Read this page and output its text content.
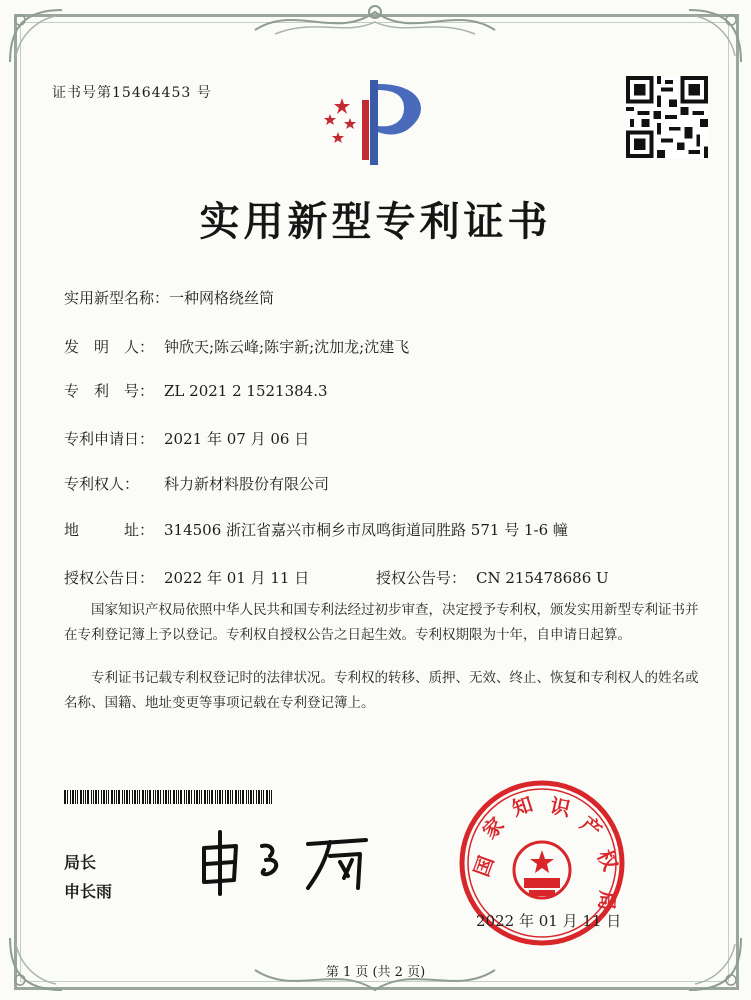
证书号第15464453 号
实用新型专利证书
实用新型名称：一种网格绕丝筒
发　明　人： 钟欣天;陈云峰;陈宇新;沈加龙;沈建飞
专　利　号： ZL 2021 2 1521384.3
专利申请日： 2021 年 07 月 06 日
专利权人： 科力新材料股份有限公司
地　　　址： 314506 浙江省嘉兴市桐乡市凤鸣街道同胜路 571 号 1-6 幢
授权公告日： 2022 年 01 月 11 日	授权公告号： CN 215478686 U
国家知识产权局依照中华人民共和国专利法经过初步审查，决定授予专利权，颁发实用新型专利证书并在专利登记簿上予以登记。专利权自授权公告之日起生效。专利权期限为十年，自申请日起算。
专利证书记载专利权登记时的法律状况。专利权的转移、质押、无效、终止、恢复和专利权人的姓名或名称、国籍、地址变更等事项记载在专利登记簿上。
局长
申长雨
国
家
知 识
产
权
局
2022 年 01 月 11 日
第 1 页 (共 2 页)
